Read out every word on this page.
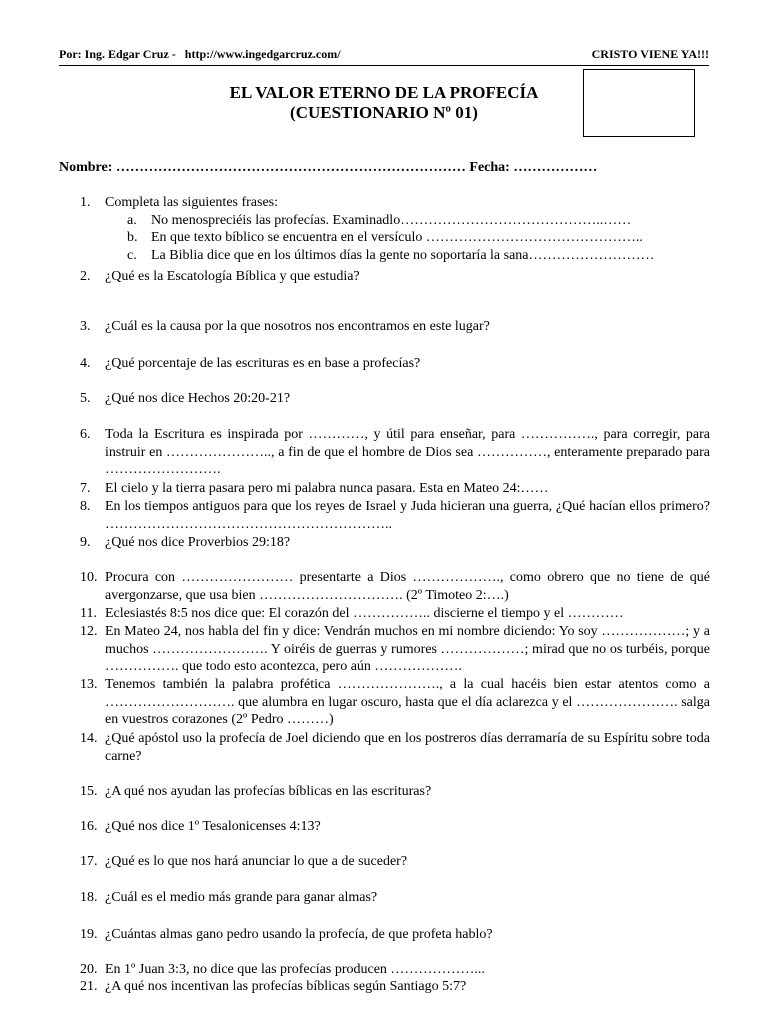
Por: Ing. Edgar Cruz - http://www.ingedgarcruz.com/	CRISTO VIENE YA!!!
EL VALOR ETERNO DE LA PROFECÍA
(CUESTIONARIO Nº 01)
Nombre: ………………………………………………………………… Fecha: ………………
1.	Completa las siguientes frases:
a. No menospreciéis las profecías. Examinadlo……………………………………..……
b. En que texto bíblico se encuentra en el versículo ………………………………………..
c. La Biblia dice que en los últimos días la gente no soportaría la sana………………………
2.	¿Qué es la Escatología Bíblica y que estudia?
3.	¿Cuál es la causa por la que nosotros nos encontramos en este lugar?
4.	¿Qué porcentaje de las escrituras es en base a profecías?
5.	¿Qué nos dice Hechos 20:20-21?
6.	Toda la Escritura es inspirada por …………, y útil para enseñar, para ……………., para corregir, para instruir en ………………….., a fin de que el hombre de Dios sea ……………, enteramente preparado para …………………….
7.	El cielo y la tierra pasara pero mi palabra nunca pasara. Esta en Mateo 24:……
8.	En los tiempos antiguos para que los reyes de Israel y Juda hicieran una guerra, ¿Qué hacían ellos primero? ……………………………………………………..
9.	¿Qué nos dice Proverbios 29:18?
10. Procura con …………………… presentarte a Dios ………………., como obrero que no tiene de qué avergonzarse, que usa bien …………………………. (2º Timoteo 2:….)
11. Eclesiastés 8:5 nos dice que: El corazón del …………….. discierne el tiempo y el …………
12. En Mateo 24, nos habla del fin y dice: Vendrán muchos en mi nombre diciendo: Yo soy ………………; y a muchos ……………………. Y oiréis de guerras y rumores ………………; mirad que no os turbéis, porque ……………. que todo esto acontezca, pero aún ……………….
13. Tenemos también la palabra profética …………………., a la cual hacéis bien estar atentos como a ………………………. que alumbra en lugar oscuro, hasta que el día aclarezca y el …………………. salga en vuestros corazones (2º Pedro ………)
14. ¿Qué apóstol uso la profecía de Joel diciendo que en los postreros días derramaría de su Espíritu sobre toda carne?
15. ¿A qué nos ayudan las profecías bíblicas en las escrituras?
16. ¿Qué nos dice 1º Tesalonicenses 4:13?
17. ¿Qué es lo que nos hará anunciar lo que a de suceder?
18. ¿Cuál es el medio más grande para ganar almas?
19. ¿Cuántas almas gano pedro usando la profecía, de que profeta hablo?
20. En 1º Juan 3:3, no dice que las profecías producen ………………...
21. ¿A qué nos incentivan las profecías bíblicas según Santiago 5:7?
